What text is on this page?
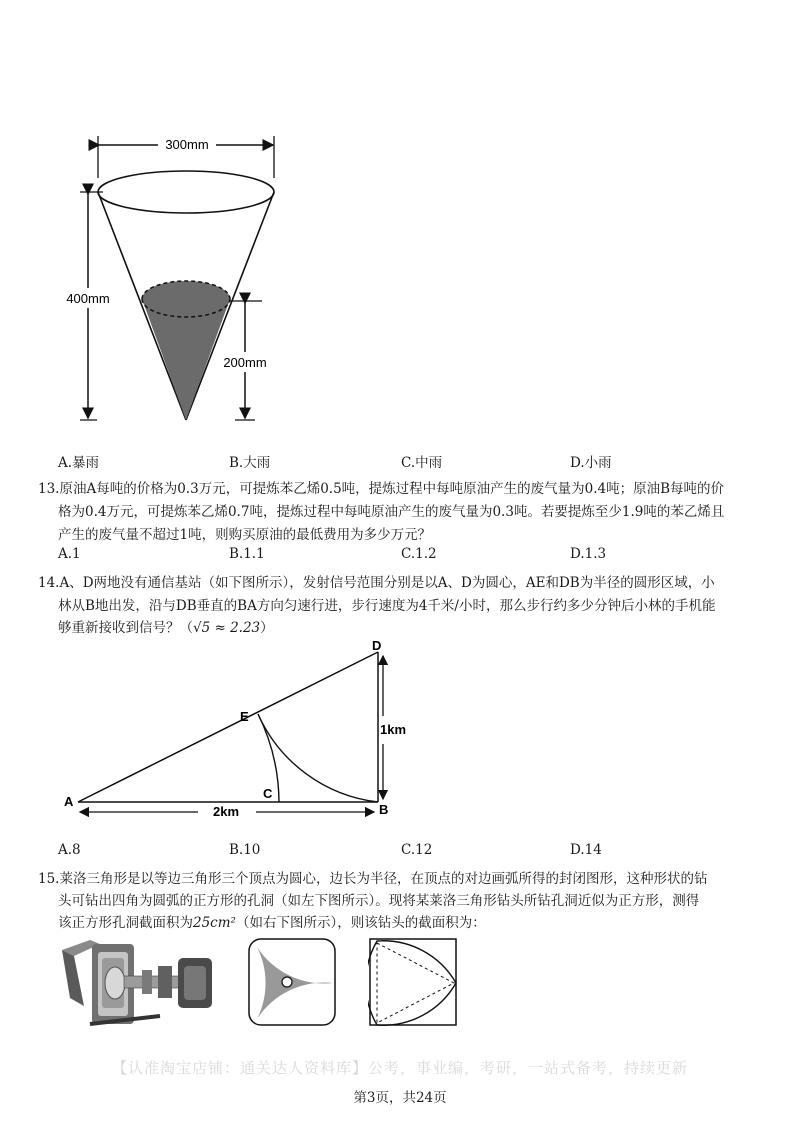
300mm
400mm
200mm
A.暴雨	B.大雨	C.中雨	D.小雨
13.原油A每吨的价格为0.3万元，可提炼苯乙烯0.5吨，提炼过程中每吨原油产生的废气量为0.4吨；原油B每吨的价
格为0.4万元，可提炼苯乙烯0.7吨，提炼过程中每吨原油产生的废气量为0.3吨。若要提炼至少1.9吨的苯乙烯且
产生的废气量不超过1吨，则购买原油的最低费用为多少万元？
A.1	B.1.1	C.1.2	D.1.3
14.A、D两地没有通信基站（如下图所示），发射信号范围分别是以A、D为圆心，AE和DB为半径的圆形区域，小
林从B地出发，沿与DB垂直的BA方向匀速行进，步行速度为4千米/小时，那么步行约多少分钟后小林的手机能
够重新接收到信号？（√5 ≈ 2.23）
D
E
A
C
B
1km
2km
A.8	B.10	C.12	D.14
15.莱洛三角形是以等边三角形三个顶点为圆心，边长为半径，在顶点的对边画弧所得的封闭图形，这种形状的钻
头可钻出四角为圆弧的正方形的孔洞（如左下图所示）。现将某莱洛三角形钻头所钻孔洞近似为正方形，测得
该正方形孔洞截面积为25cm²（如右下图所示），则该钻头的截面积为：
【认准淘宝店铺：通关达人资料库】公考，事业编，考研，一站式备考，持续更新
第3页，共24页
